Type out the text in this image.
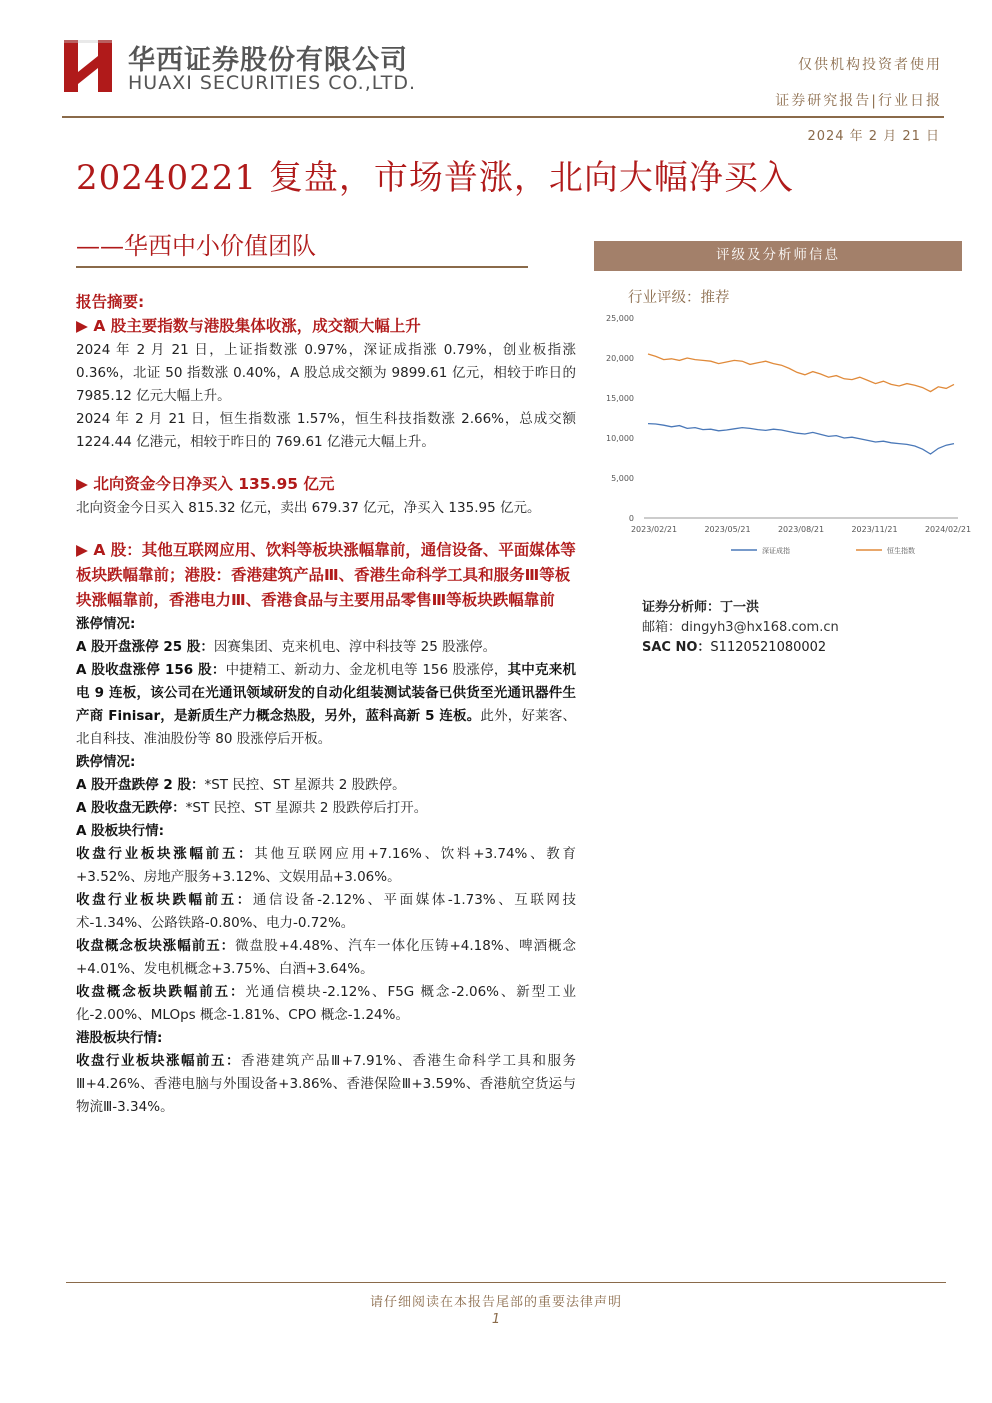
华西证券股份有限公司
HUAXI SECURITIES CO.,LTD.
仅供机构投资者使用
证券研究报告|行业日报
2024 年 2 月 21 日
20240221 复盘，市场普涨，北向大幅净买入
——华西中小价值团队

报告摘要:

▶ A 股主要指数与港股集体收涨，成交额大幅上升

2024 年 2 月 21 日，上证指数涨 0.97%，深证成指涨 0.79%，创业板指涨 0.36%，北证 50 指数涨 0.40%，A 股总成交额为 9899.61 亿元，相较于昨日的 7985.12 亿元大幅上升。

2024 年 2 月 21 日，恒生指数涨 1.57%，恒生科技指数涨 2.66%，总成交额 1224.44 亿港元，相较于昨日的 769.61 亿港元大幅上升。

▶ 北向资金今日净买入 135.95 亿元

北向资金今日买入 815.32 亿元，卖出 679.37 亿元，净买入 135.95 亿元。

▶ A 股：其他互联网应用、饮料等板块涨幅靠前，通信设备、平面媒体等板块跌幅靠前；港股：香港建筑产品Ⅲ、香港生命科学工具和服务Ⅲ等板块涨幅靠前，香港电力Ⅲ、香港食品与主要用品零售Ⅲ等板块跌幅靠前

涨停情况:

A 股开盘涨停 25 股：因赛集团、克来机电、淳中科技等 25 股涨停。

A 股收盘涨停 156 股：中捷精工、新动力、金龙机电等 156 股涨停，其中克来机电 9 连板，该公司在光通讯领域研发的自动化组装测试装备已供货至光通讯器件生产商 Finisar，是新质生产力概念热股，另外，蓝科高新 5 连板。此外，好莱客、北自科技、准油股份等 80 股涨停后开板。

跌停情况:

A 股开盘跌停 2 股：*ST 民控、ST 星源共 2 股跌停。

A 股收盘无跌停：*ST 民控、ST 星源共 2 股跌停后打开。

A 股板块行情:

收盘行业板块涨幅前五：其他互联网应用+7.16%、饮料+3.74%、教育+3.52%、房地产服务+3.12%、文娱用品+3.06%。

收盘行业板块跌幅前五：通信设备-2.12%、平面媒体-1.73%、互联网技术-1.34%、公路铁路-0.80%、电力-0.72%。

收盘概念板块涨幅前五：微盘股+4.48%、汽车一体化压铸+4.18%、啤酒概念+4.01%、发电机概念+3.75%、白酒+3.64%。

收盘概念板块跌幅前五：光通信模块-2.12%、F5G 概念-2.06%、新型工业化-2.00%、MLOps 概念-1.81%、CPO 概念-1.24%。

港股板块行情:

收盘行业板块涨幅前五：香港建筑产品Ⅲ+7.91%、香港生命科学工具和服务Ⅲ+4.26%、香港电脑与外围设备+3.86%、香港保险Ⅲ+3.59%、香港航空货运与物流Ⅲ-3.34%。

评级及分析师信息
行业评级：推荐
0
5,000
10,000
15,000
20,000
25,000
2023/02/21	2023/05/21	2023/08/21	2023/11/21	2024/02/21
深证成指	恒生指数
证券分析师：丁一洪
邮箱：dingyh3@hx168.com.cn
SAC NO：S1120521080002
请仔细阅读在本报告尾部的重要法律声明
1
